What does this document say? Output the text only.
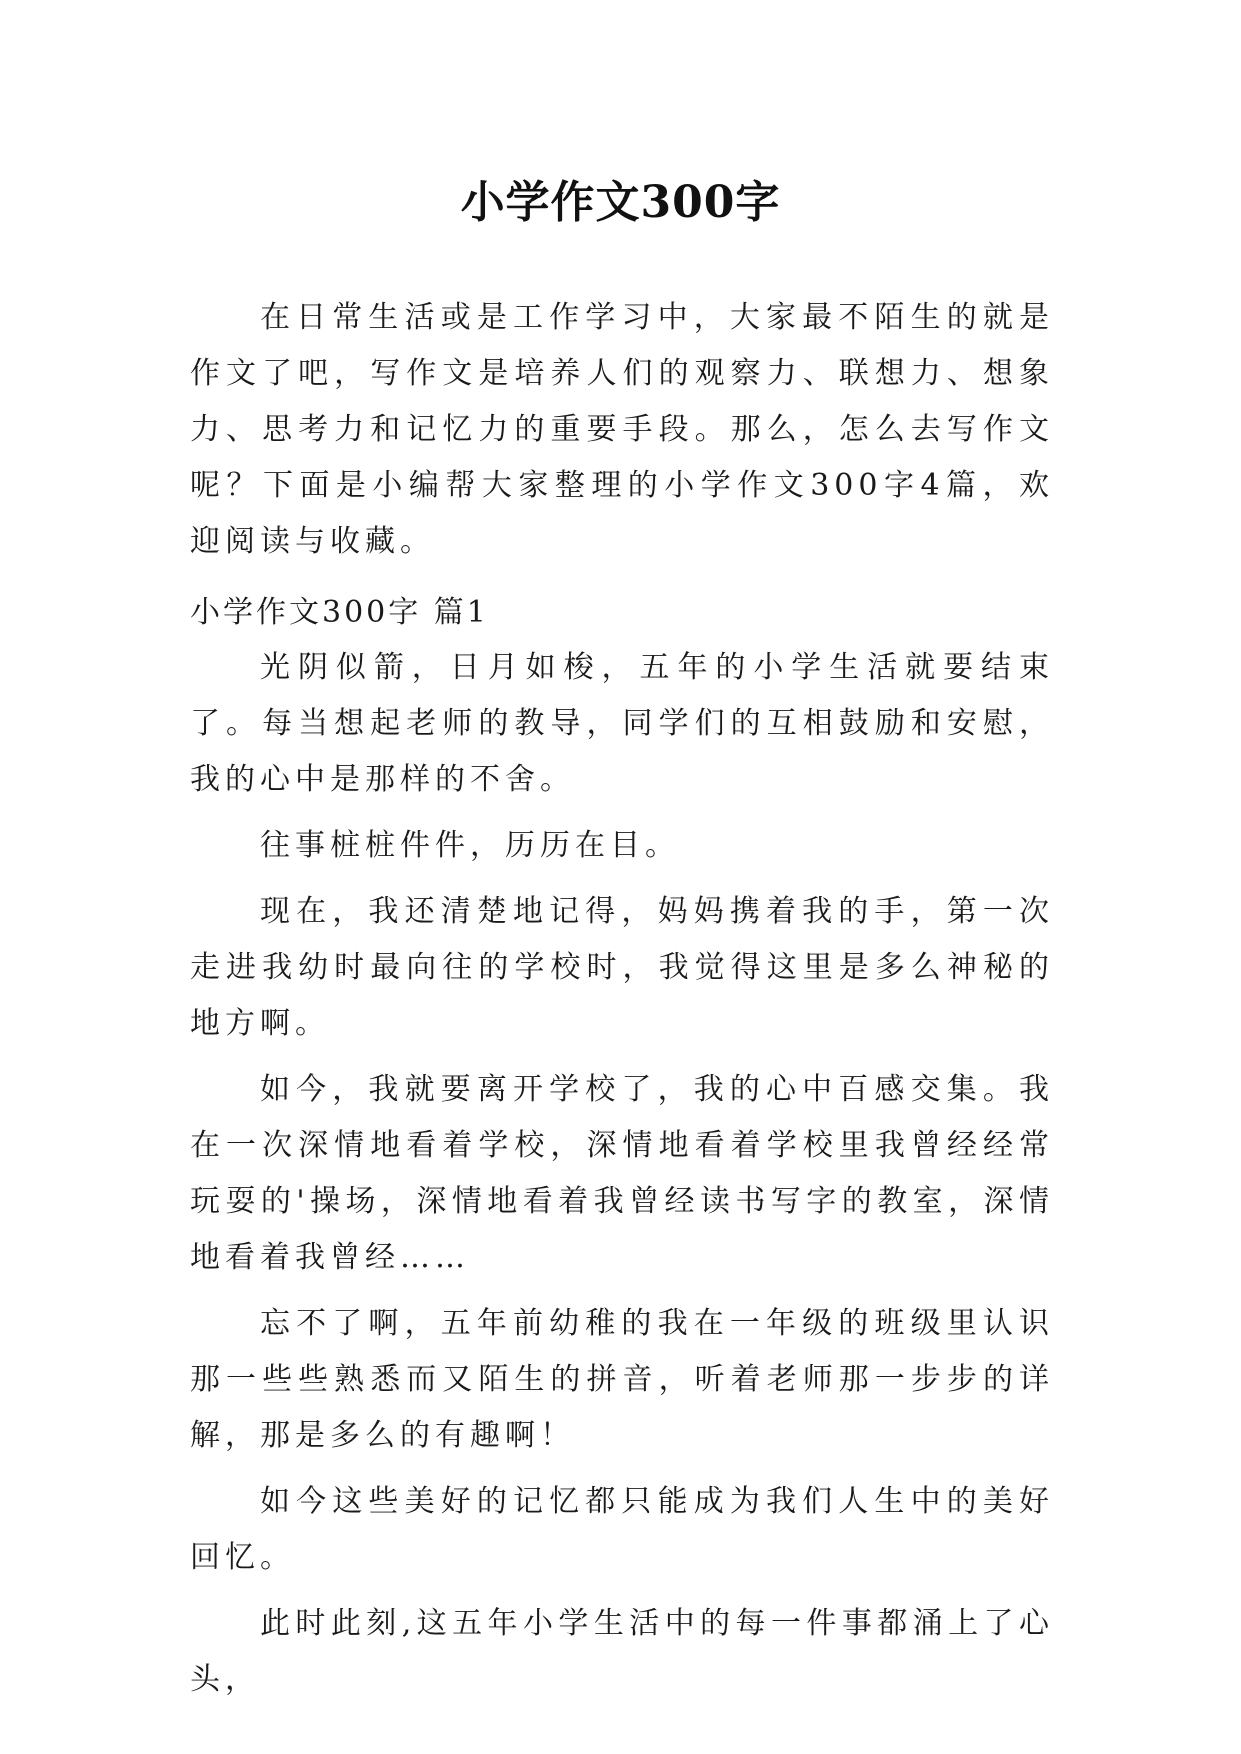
小学作文300字

在日常生活或是工作学习中，大家最不陌生的就是作文了吧，写作文是培养人们的观察力、联想力、想象力、思考力和记忆力的重要手段。那么，怎么去写作文呢？下面是小编帮大家整理的小学作文300字4篇，欢迎阅读与收藏。

小学作文300字 篇1

光阴似箭，日月如梭，五年的小学生活就要结束了。每当想起老师的教导，同学们的互相鼓励和安慰，我的心中是那样的不舍。

往事桩桩件件，历历在目。

现在，我还清楚地记得，妈妈携着我的手，第一次走进我幼时最向往的学校时，我觉得这里是多么神秘的地方啊。

如今，我就要离开学校了，我的心中百感交集。我在一次深情地看着学校，深情地看着学校里我曾经经常玩耍的'操场，深情地看着我曾经读书写字的教室，深情地看着我曾经……

忘不了啊，五年前幼稚的我在一年级的班级里认识那一些些熟悉而又陌生的拼音，听着老师那一步步的详解，那是多么的有趣啊！

如今这些美好的记忆都只能成为我们人生中的美好回忆。

此时此刻,这五年小学生活中的每一件事都涌上了心头，
